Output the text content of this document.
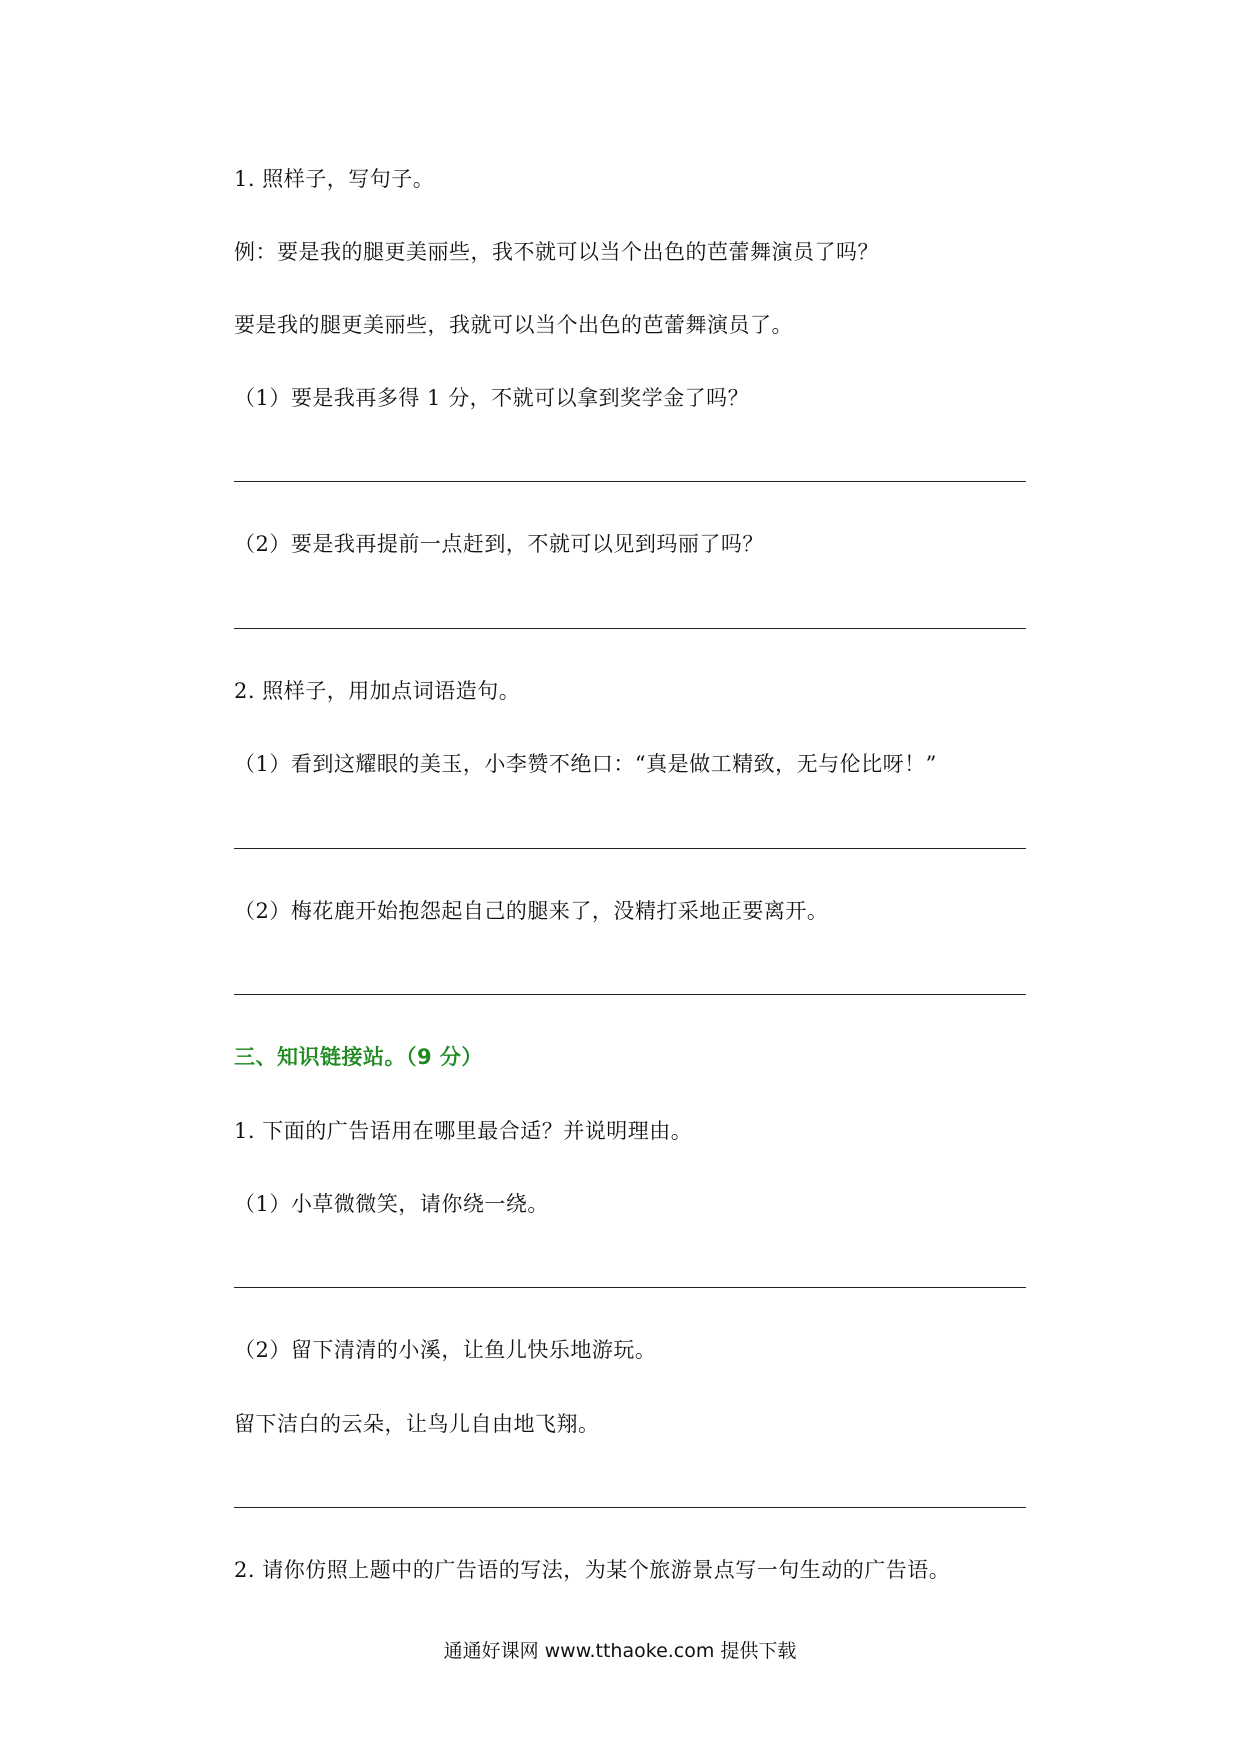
1. 照样子，写句子。
例：要是我的腿更美丽些，我不就可以当个出色的芭蕾舞演员了吗？
要是我的腿更美丽些，我就可以当个出色的芭蕾舞演员了。
（1）要是我再多得 1 分，不就可以拿到奖学金了吗？
（2）要是我再提前一点赶到，不就可以见到玛丽了吗？
2. 照样子，用加点词语造句。
（1）看到这耀眼的美玉，小李赞不绝口：“真是做工精致，无与伦比呀！”
（2）梅花鹿开始抱怨起自己的腿来了，没精打采地正要离开。
三、知识链接站。（9 分）
1. 下面的广告语用在哪里最合适？并说明理由。
（1）小草微微笑，请你绕一绕。
（2）留下清清的小溪，让鱼儿快乐地游玩。
留下洁白的云朵，让鸟儿自由地飞翔。
2. 请你仿照上题中的广告语的写法，为某个旅游景点写一句生动的广告语。
通通好课网 www.tthaoke.com 提供下载
